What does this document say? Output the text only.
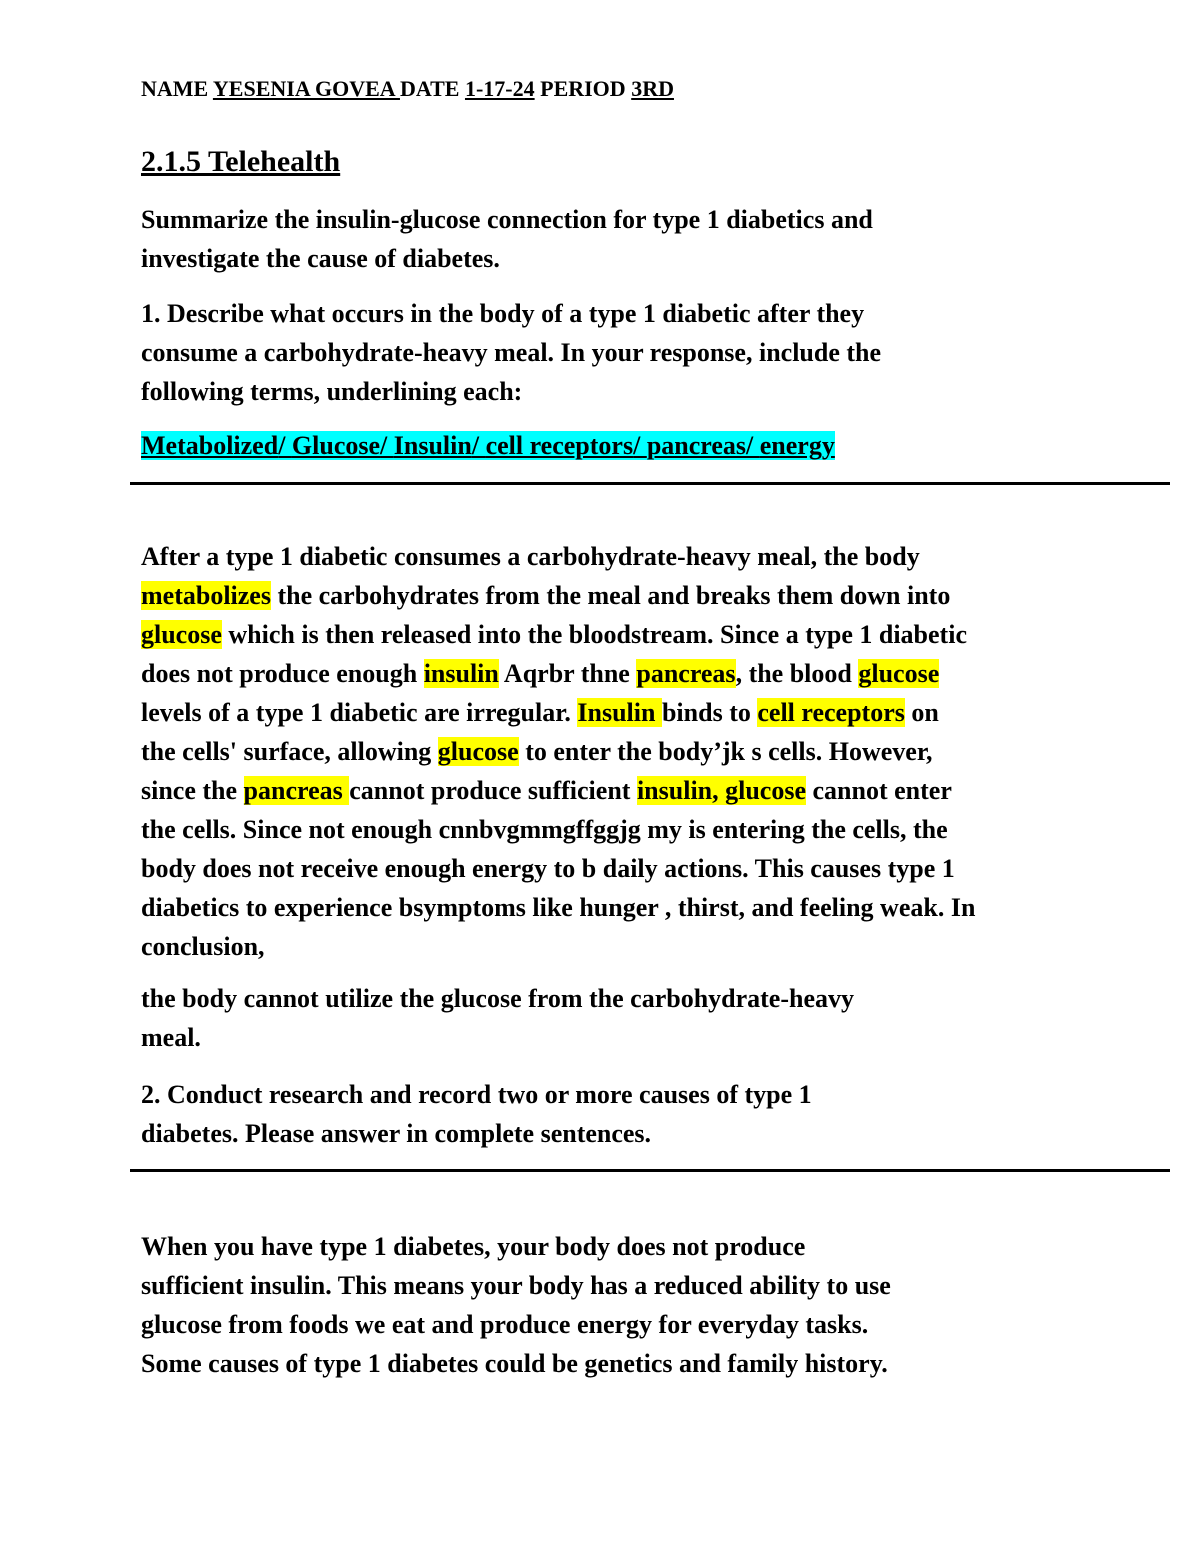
NAME YESENIA GOVEA DATE 1-17-24 PERIOD 3RD
2.1.5 Telehealth
Summarize the insulin-glucose connection for type 1 diabetics and
investigate the cause of diabetes.
1. Describe what occurs in the body of a type 1 diabetic after they
consume a carbohydrate-heavy meal. In your response, include the
following terms, underlining each:
Metabolized/ Glucose/ Insulin/ cell receptors/ pancreas/ energy
After a type 1 diabetic consumes a carbohydrate-heavy meal, the body
metabolizes the carbohydrates from the meal and breaks them down into
glucose which is then released into the bloodstream. Since a type 1 diabetic
does not produce enough insulin Aqrbr thne pancreas, the blood glucose
levels of a type 1 diabetic are irregular. Insulin binds to cell receptors on
the cells' surface, allowing glucose to enter the body’jk s cells. However,
since the pancreas cannot produce sufficient insulin, glucose cannot enter
the cells. Since not enough cnnbvgmmgffggjg my is entering the cells, the
body does not receive enough energy to b daily actions. This causes type 1
diabetics to experience bsymptoms like hunger , thirst, and feeling weak. In
conclusion,
the body cannot utilize the glucose from the carbohydrate-heavy
meal.
2. Conduct research and record two or more causes of type 1
diabetes. Please answer in complete sentences.
When you have type 1 diabetes, your body does not produce
sufficient insulin. This means your body has a reduced ability to use
glucose from foods we eat and produce energy for everyday tasks.
Some causes of type 1 diabetes could be genetics and family history.
